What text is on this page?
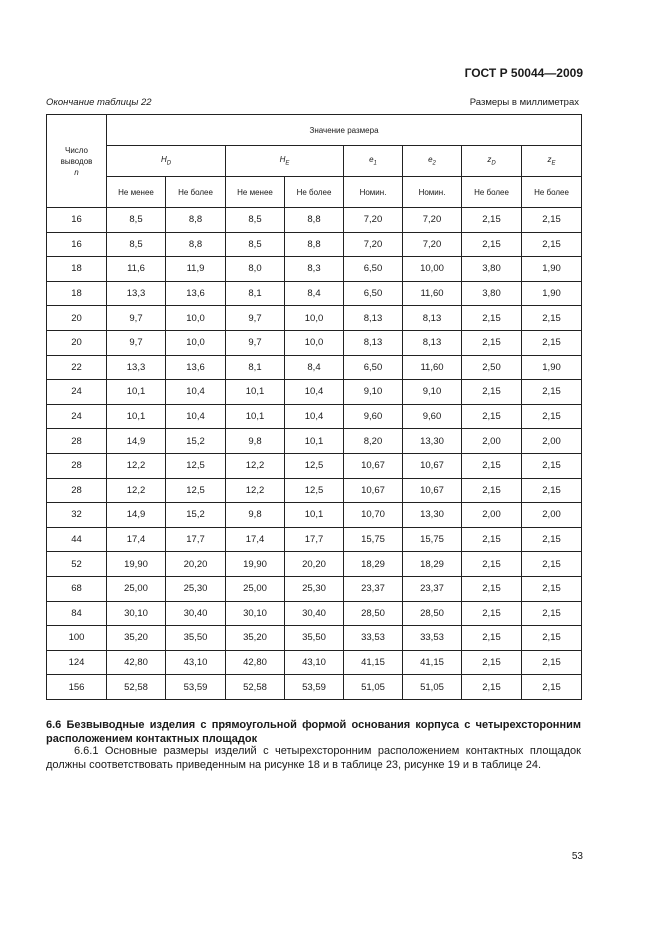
ГОСТ Р 50044—2009
Окончание таблицы 22	Размеры в миллиметрах
Число
выводов
n	Значение размера							
	$H_D$		$H_E$		$e_1$	$e_2$	$z_D$	$z_E$
	Не менее	Не более	Не менее	Не более	Номин.	Номин.	Не более	Не более
16	8,5	8,8	8,5	8,8	7,20	7,20	2,15	2,15
16	8,5	8,8	8,5	8,8	7,20	7,20	2,15	2,15
18	11,6	11,9	8,0	8,3	6,50	10,00	3,80	1,90
18	13,3	13,6	8,1	8,4	6,50	11,60	3,80	1,90
20	9,7	10,0	9,7	10,0	8,13	8,13	2,15	2,15
20	9,7	10,0	9,7	10,0	8,13	8,13	2,15	2,15
22	13,3	13,6	8,1	8,4	6,50	11,60	2,50	1,90
24	10,1	10,4	10,1	10,4	9,10	9,10	2,15	2,15
24	10,1	10,4	10,1	10,4	9,60	9,60	2,15	2,15
28	14,9	15,2	9,8	10,1	8,20	13,30	2,00	2,00
28	12,2	12,5	12,2	12,5	10,67	10,67	2,15	2,15
28	12,2	12,5	12,2	12,5	10,67	10,67	2,15	2,15
32	14,9	15,2	9,8	10,1	10,70	13,30	2,00	2,00
44	17,4	17,7	17,4	17,7	15,75	15,75	2,15	2,15
52	19,90	20,20	19,90	20,20	18,29	18,29	2,15	2,15
68	25,00	25,30	25,00	25,30	23,37	23,37	2,15	2,15
84	30,10	30,40	30,10	30,40	28,50	28,50	2,15	2,15
100	35,20	35,50	35,20	35,50	33,53	33,53	2,15	2,15
124	42,80	43,10	42,80	43,10	41,15	41,15	2,15	2,15
156	52,58	53,59	52,58	53,59	51,05	51,05	2,15	2,15
6.6 Безвыводные изделия с прямоугольной формой основания корпуса с четырехсторонним расположением контактных площадок

6.6.1 Основные размеры изделий с четырехсторонним расположением контактных площадок должны соответствовать приведенным на рисунке 18 и в таблице 23, рисунке 19 и в таблице 24.

53
